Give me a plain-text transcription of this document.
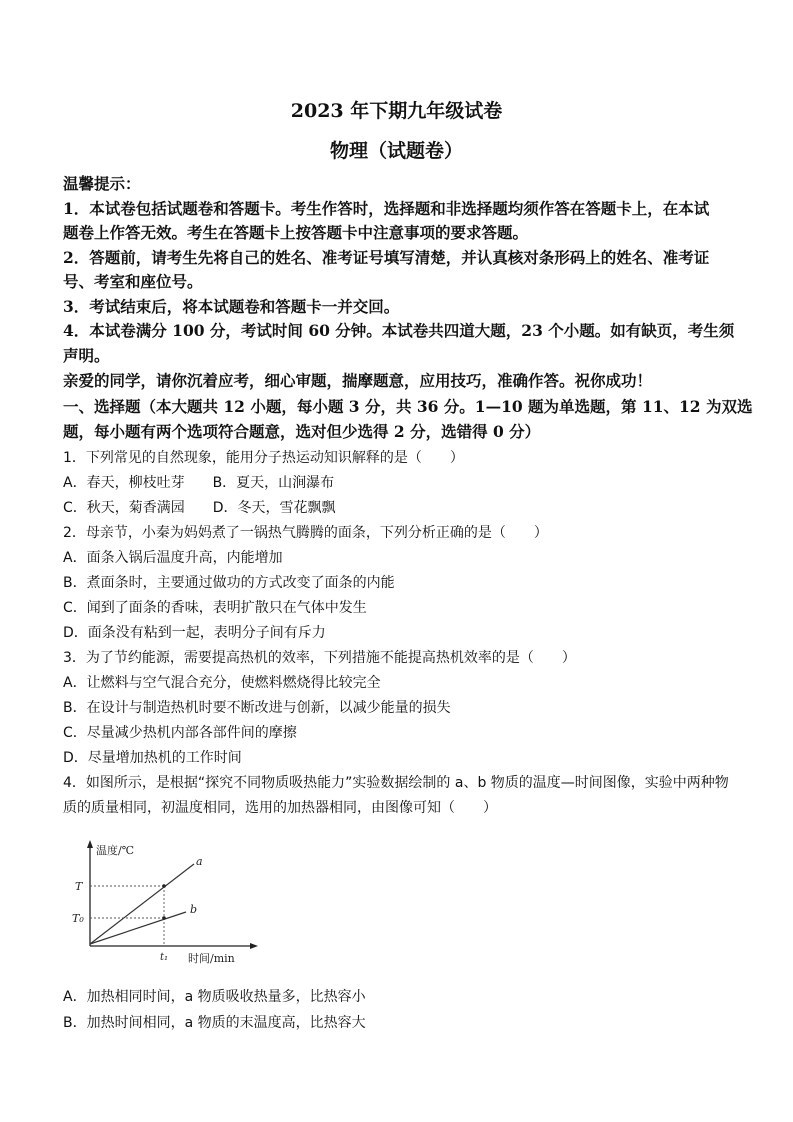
2023 年下期九年级试卷
物理（试题卷）
温馨提示：
1．本试卷包括试题卷和答题卡。考生作答时，选择题和非选择题均须作答在答题卡上，在本试
题卷上作答无效。考生在答题卡上按答题卡中注意事项的要求答题。
2．答题前，请考生先将自己的姓名、准考证号填写清楚，并认真核对条形码上的姓名、准考证
号、考室和座位号。
3．考试结束后，将本试题卷和答题卡一并交回。
4．本试卷满分 100 分，考试时间 60 分钟。本试卷共四道大题，23 个小题。如有缺页，考生须
声明。
亲爱的同学，请你沉着应考，细心审题，揣摩题意，应用技巧，准确作答。祝你成功！
一、选择题（本大题共 12 小题，每小题 3 分，共 36 分。1—10 题为单选题，第 11、12 为双选
题，每小题有两个选项符合题意，选对但少选得 2 分，选错得 0 分）
1．下列常见的自然现象，能用分子热运动知识解释的是（　　）
A．春天，柳枝吐芽　　B．夏天，山涧瀑布
C．秋天，菊香满园　　D．冬天，雪花飘飘
2．母亲节，小秦为妈妈煮了一锅热气腾腾的面条，下列分析正确的是（　　）
A．面条入锅后温度升高，内能增加
B．煮面条时，主要通过做功的方式改变了面条的内能
C．闻到了面条的香味，表明扩散只在气体中发生
D．面条没有粘到一起，表明分子间有斥力
3．为了节约能源，需要提高热机的效率，下列措施不能提高热机效率的是（　　）
A．让燃料与空气混合充分，使燃料燃烧得比较完全
B．在设计与制造热机时要不断改进与创新，以减少能量的损失
C．尽量减少热机内部各部件间的摩擦
D．尽量增加热机的工作时间
4．如图所示，是根据“探究不同物质吸热能力”实验数据绘制的 a、b 物质的温度—时间图像，实验中两种物
质的质量相同，初温度相同，选用的加热器相同，由图像可知（　　）
温度/℃
时间/min
a
b
T
T₀
t₁
A．加热相同时间，a 物质吸收热量多，比热容小
B．加热时间相同，a 物质的末温度高，比热容大
